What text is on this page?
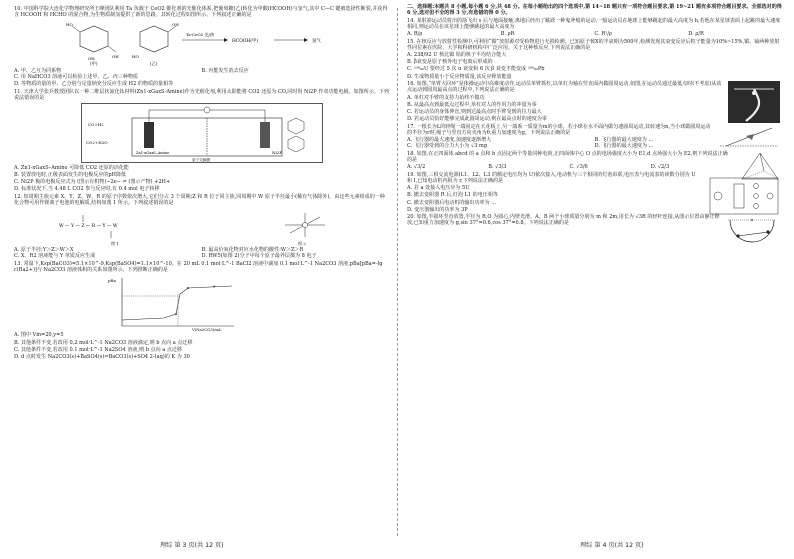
10. 中国科学院大连化学物理研究所王峰团队利用 Ta 负载于 CeO2 催化剂的光催化体系,把葡萄糖(乙)转化为甲酸(HCOOH)与氢气,其中 C—C 键被选择性断裂,并获得含 HCOOH 和 HCHO 的混合物,为生物质制氢提供了新的思路。其转化过程如图所示。下列叙述正确的是

HO
OH
OH
(甲)
OH
HO
(乙)
Ta-CeO2 光/热
HCOOH(甲)	氢气
A. 甲、乙互为同系物	B. 丙能发生消去反应

C. 用 NaHCO3 溶液可以检验上述甲、乙、丙三种物质

D. 等物质的量的甲、乙分别与足量钠充分反应生成 H2 的物质的量相等

11. 天津大学张兵教授团队以一种二维层状氮化钛材料(Zn1-xGaxS-Amine)作为光催化剂,利用太阳能将 CO2 还原为 CO,同时用 Ni2P 作双功能电极。如图所示。下列说法错误的是

CO+H2
CO2+H2O
Zn1-xGaxS–Amine	Ni2P
质子交换膜

A. Zn1-xGaxS–Amine 可降低 CO2 还原的活化能

B. 装置放电时,正极表面发生的电极反应的pH降低

C. Ni2P 极的电极反应式为 (图示有机物)−2e− ⇌ (图示产物) +2H+

D. 标准状况下,当 4.48 L CO2 参与反应时,有 0.4 mol 电子转移

12. 短周期主族元素 X、Y、Z、W、R 的原子序数依次增大,它们分占 3 个周期;Z 和 R 位于同主族,同周期中 W 原子半径最小(稀有气体除外)。由这些元素组成的一种化合物可用作锂离子电池的电解质,结构如图 1 所示。下列叙述错误的是

W — Y — Z — R — Y — W
图 1	图 2
A. 原子半径:Y＞Z＞W＞X	B. 最高价氧化物对应水化物的酸性:W＞Z＞R
C. X、R2 溶液能与 Y 单质反应生成	D. RW5(如图 2)分子中每个原子最外层都为 8 电子

13. 常温下,Ksp(BaCO3)=5.1×10^-9,Ksp(BaSO4)=1.1×10^-10。在 20 mL 0.1 mol·L^-1 BaCl2 溶液中滴加 0.1 mol·L^-1 Na2CO3 溶液,pBa[pBa=-lg c(Ba2+)]与 Na2CO3 溶液体积的关系如图所示。下列推断正确的是

pBa
V(Na2CO3)/mL

A. 图中 Vm=20,y=5

B. 其他条件不变,若改用 0.2 mol·L^-1 Na2CO3 溶液滴定,则 b 点向 a 点迁移

C. 其他条件不变,若改用 0.1 mol·L^-1 Na2SO4 溶液,则 b 点向 a 点迁移

D. d 点时发生 Na2CO3(s)+BaSO4(s)⇌BaCO3(s)+SO4 2-(aq)的 K 为 30

理综 第 3 页(共 12 页)

二、选择题:本题共 8 小题,每小题 6 分,共 48 分。在每小题给出的四个选项中,第 14~18 题只有一项符合题目要求,第 19~21 题有多项符合题目要求。全部选对的得 6 分,选对但不全的得 3 分,有选错的得 0 分。

14. 某射箭运动员射出的箭飞出 s 后与地面接触,离地后经历了跳跃一种鬼斧般的运动,一般运动员在地球上能够跳起的最大高度为 h,若他在某星球表面上起跳的最大速度相同,则运动员在该星球上能够跳起的最大高度为

A. R/ρ	B. ρR	C. R²/ρ	D. ρ/R

15. 在核反应与放射性检测中,可利用“镅”放射源对受检物进行无损检测。已知原子核X的半衰期为500年,检测发现其衰变反应后粒子能量为10%~15%,镅、铀两种放射性同位素在医院、大学和科研机构中广泛应用。关于这种核反应,下列说法正确的是

A. 238/92 U 核比镅 铅的核子平均结合能大

B. β衰变是原子核外电子电离后形成的

C. ²³⁸₉₂U 要经过 5 次 α 衰变和 6 次 β 衰变才能变成 ²⁰⁶₈₂Pb

D. 生成物质量小于反应物质量,该反应释放能量

16. 如图,“单臂大回环”是体操运动中高难度动作,运动员单臂抓杠,以单杠为轴在竖直面内做圆周运动,如图,在运动员通过最低点时(不考虑)从该点运动到圆周最高点的过程中,下列说法正确的是

A. 单杠对手臂的支持力始终不做功

B. 从最高点到最低点过程中,单杠对人的作用力的冲量为零

C. 若运动员的身体伸直,则到达最高点时手臂受到的拉力最大

D. 若运动员恰好能够完成此圆周运动,则在最高点时的速度为零

17. 一根长为L的轻绳一端固定在天花板上,另一端系一质量为m的小球。若小球在水平面内做匀速圆周运动,其转速为n,当小球做圆周运动的半径为r时,绳子与竖直方向夹角为θ,重力加速度为g。下列说法正确的是

A. 飞行器的最大速度,加速度逐渐增大	B. 飞行器的最大速度为 ...
C. 飞行器受到的合力大小为 √3 mg	D. 飞行器的最大速度为 ...

18. 如图,在正四面体 abcd 的 a 点和 b 点固定两个等量同种电荷,正四面体中心 O 点的电场强度大小为 E1,d 点场强大小为 E2,则下列说法正确的是

A. √3/2	B. √3/3	C. √3/6	D. √2/3

19. 如图,三相交流电源(L1、L2、L3 的额定电压均为 U)依次接入,电动机与三个相同的灯泡串联,电压表与电流表的读数分别为 U 和 I,已知电动机内阻为 r,下列说法正确的是

A. 若 a 处接入电压应为 5U

B. 撤去变阻器 R 后,灯泡 L1 的电压相等

C. 撤去变阻器后电动机的输出功率为 ...

D. 变压器输出的功率为 3P

20. 如图,半圆环竖直放置,半径为 R,O 为圆心,内壁光滑。A、B 两个小球质量分别为 m 和 2m,用长为 √3R 的轻杆连接,从图示位置由静止释放,已知重力加速度为 g,sin 37°=0.6,cos 37°=0.8。下列说法正确的是

理综 第 4 页(共 12 页)
